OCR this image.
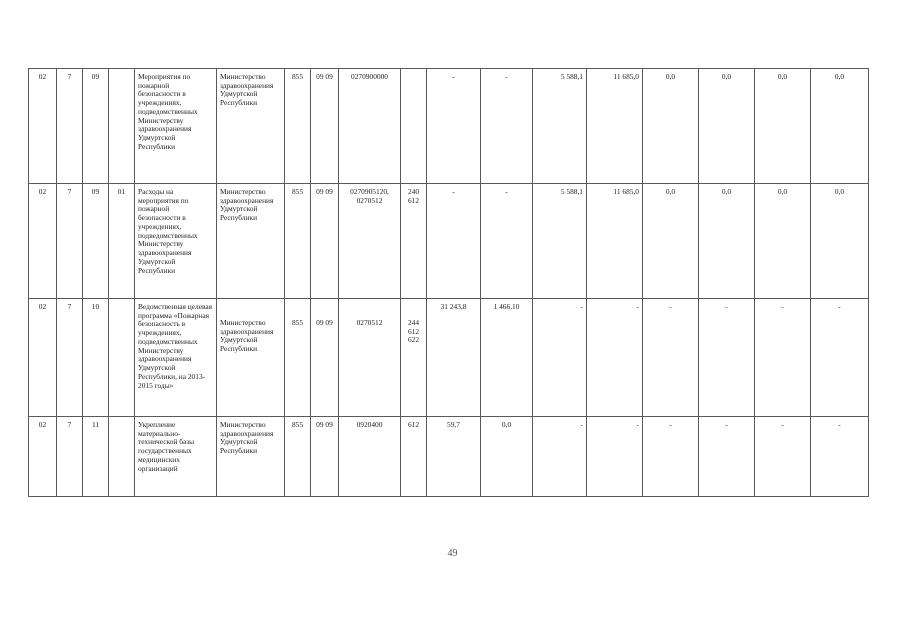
02	7	09		Мероприятия по пожарной безопасности в учреждениях, подведомственных Министерству здравоохранения Удмуртской Республики	Министерство здравоохранения Удмуртской Республики	855	09 09	0270900000		-	-	5 588,1	11 685,0	0,0	0,0	0,0	0,0
02	7	09	01	Расходы на мероприятия по пожарной безопасности в учреждениях, подведомственных Министерству здравоохранения Удмуртской Республики	Министерство здравоохранения Удмуртской Республики	855	09 09	0270905120, 0270512	240 612	-	-	5 588,1	11 685,0	0,0	0,0	0,0	0,0
02	7	10		Ведомственная целевая программа «Пожарная безопасность в учреждениях, подведомственных Министерству здравоохранения Удмуртской Республики, на 2013-2015 годы»	Министерство здравоохранения Удмуртской Республики	855	09 09	0270512	244 612 622	31 243,8	1 466,10	-	-	-	-	-	-
02	7	11		Укрепление материально-технической базы государственных медицинских организаций	Министерство здравоохранения Удмуртской Республики	855	09 09	0920400	612	59,7	0,0	-	-	-	-	-	-
49
